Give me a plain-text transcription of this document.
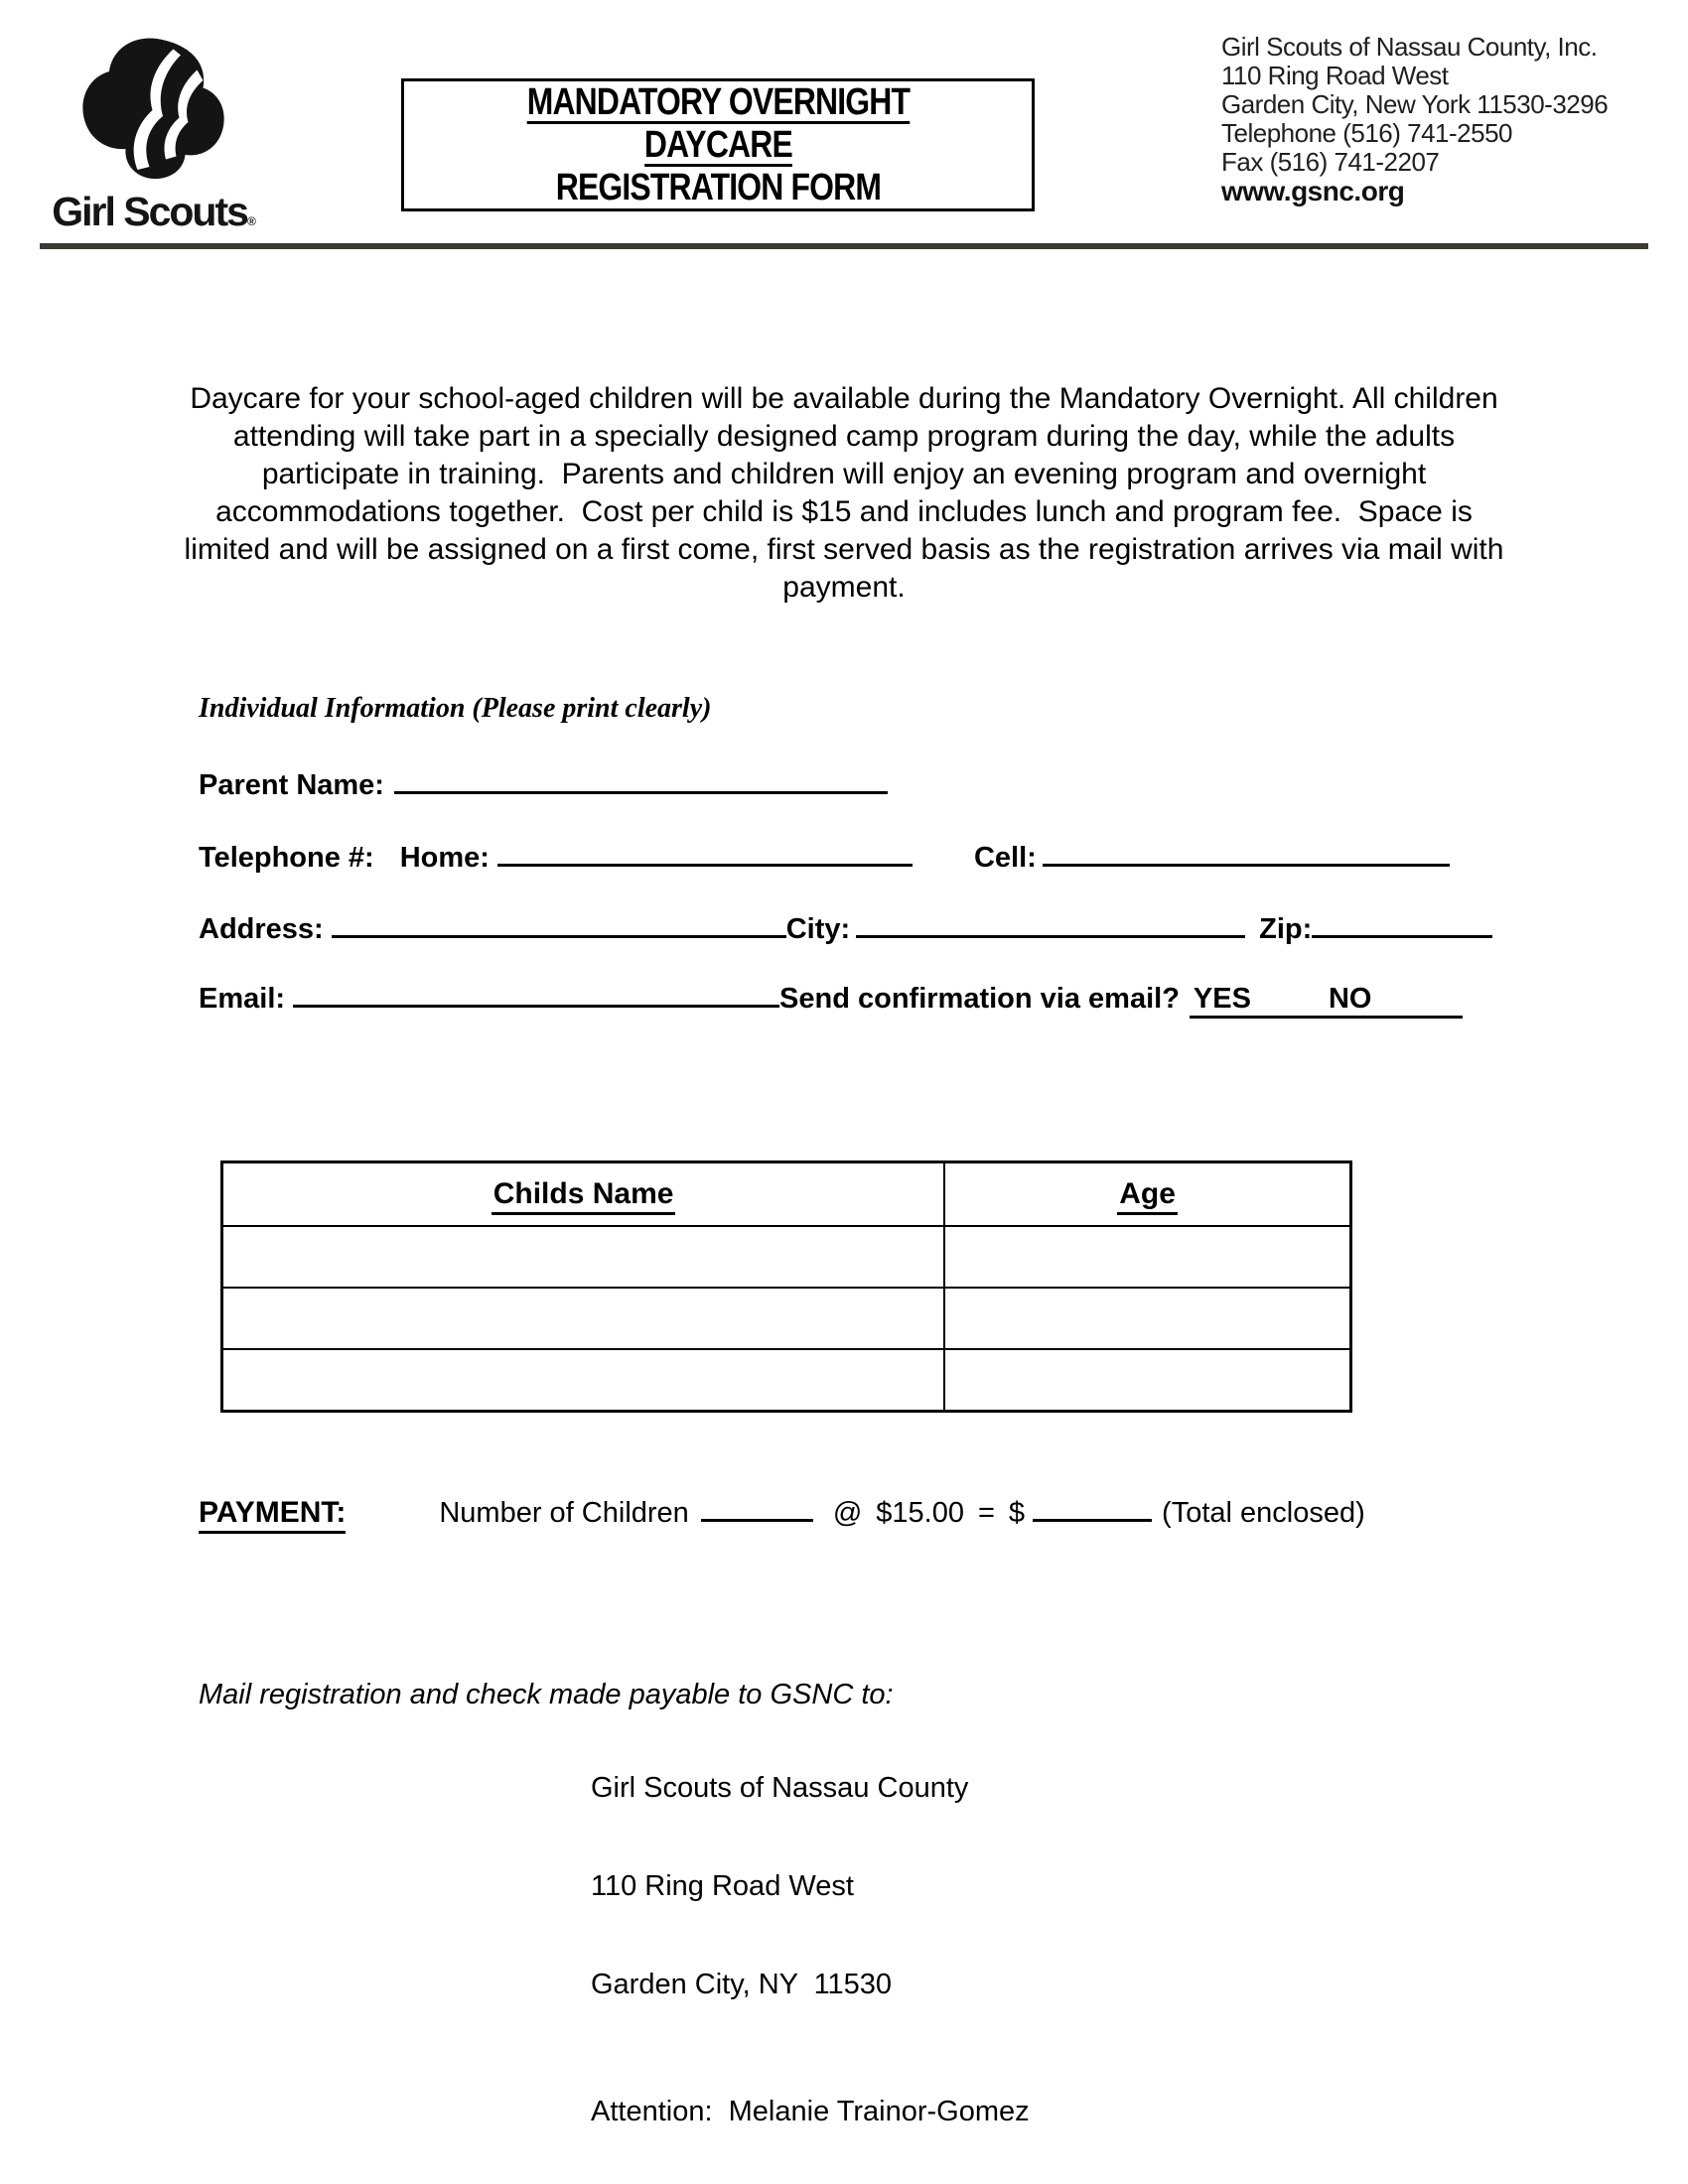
Girl Scouts®
MANDATORY OVERNIGHT
DAYCARE
REGISTRATION FORM
Girl Scouts of Nassau County, Inc.
110 Ring Road West
Garden City, New York 11530-3296
Telephone (516) 741-2550
Fax (516) 741-2207
www.gsnc.org
Daycare for your school-aged children will be available during the Mandatory Overnight. All children attending will take part in a specially designed camp program during the day, while the adults participate in training.  Parents and children will enjoy an evening program and overnight accommodations together.  Cost per child is $15 and includes lunch and program fee.  Space is limited and will be assigned on a first come, first served basis as the registration arrives via mail with payment.
Individual Information (Please print clearly)
Parent Name:
Telephone #: Home:	Cell:
Address:	City:	Zip:
Email:	Send confirmation via email? YES	NO
Childs Name	Age

PAYMENT:	Number of Children	@ $15.00 = $	(Total enclosed)
Mail registration and check made payable to GSNC to:

Girl Scouts of Nassau County

110 Ring Road West

Garden City, NY  11530

Attention:  Melanie Trainor-Gomez
